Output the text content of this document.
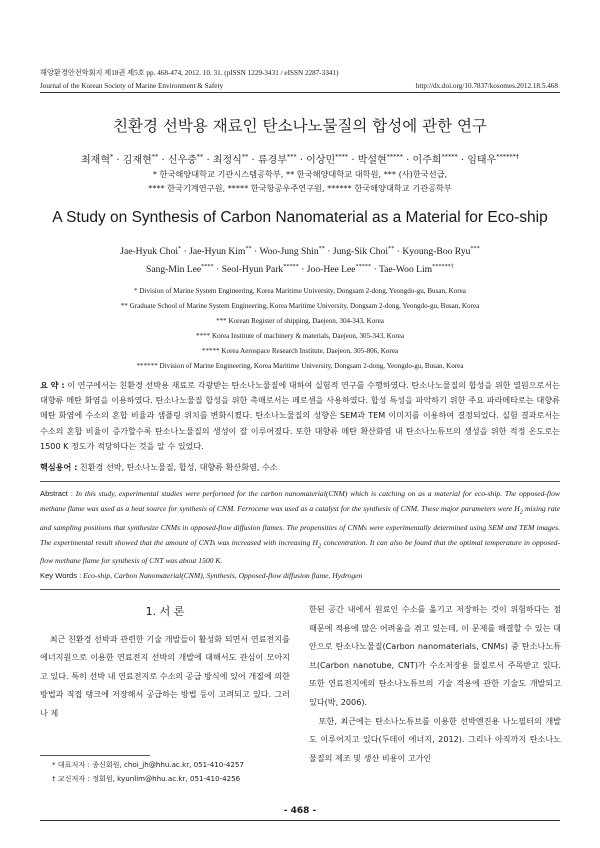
해양환경안전학회지 제18권 제5호 pp. 468-474, 2012. 10. 31. (pISSN 1229-3431 / eISSN 2287-3341)
Journal of the Korean Society of Marine Environment & Safety	http://dx.doi.org/10.7837/kosomes.2012.18.5.468
친환경 선박용 재료인 탄소나노물질의 합성에 관한 연구
최재혁* · 김재현** · 신우중** · 최정식** · 류경부*** · 이상민**** · 박설현***** · 이주희***** · 임태우******†
* 한국해양대학교 기관시스템공학부, ** 한국해양대학교 대학원, *** (사)한국선급,
**** 한국기계연구원, ***** 한국항공우주연구원, ****** 한국해양대학교 기관공학부
A Study on Synthesis of Carbon Nanomaterial as a Material for Eco-ship
Jae-Hyuk Choi* · Jae-Hyun Kim** · Woo-Jung Shin** · Jung-Sik Choi** · Kyoung-Boo Ryu***
Sang-Min Lee**** · Seol-Hyun Park***** · Joo-Hee Lee***** · Tae-Woo Lim******†
* Division of Marine System Engineering, Korea Maritime University, Dongsam 2-dong, Yeongdo-gu, Busan, Korea
** Graduate School of Marine System Engineering, Korea Maritime University, Dongsam 2-dong, Yeongdo-gu, Busan, Korea
*** Korean Register of shipping, Daejeon, 304-343, Korea
**** Korea Institute of machinery & materials, Daejeon, 305-343, Korea
***** Korea Aerospace Research Institute, Daejeon, 305-806, Korea
****** Division of Marine Engineering, Korea Maritime University, Dongsam 2-dong, Yeongdo-gu, Busan, Korea
요 약 : 이 연구에서는 친환경 선박용 재료로 각광받는 탄소나노물질에 대하여 실험적 연구를 수행하였다. 탄소나노물질의 합성을 위한 열원으로서는 대향류 메탄 화염을 이용하였다. 탄소나노물질 합성을 위한 촉매로서는 페로센을 사용하였다. 합성 특성을 파악하기 위한 주요 파라메타로는 대향류 메탄 화염에 수소의 혼합 비율과 샘플링 위치를 변화시켰다. 탄소나노물질의 성향은 SEM과 TEM 이미지를 이용하여 결정되었다. 실험 결과로서는 수소의 혼합 비율이 증가할수록 탄소나노물질의 생성이 잘 이루어졌다. 또한 대향류 메탄 확산화염 내 탄소나노튜브의 생성을 위한 적정 온도로는 1500 K 정도가 적당하다는 것을 알 수 있었다.
핵심용어 : 친환경 선박, 탄소나노물질, 합성, 대향류 확산화염, 수소
Abstract : In this study, experimental studies were performed for the carbon nanomaterial(CNM) which is catching on as a material for eco-ship. The opposed-flow methane flame was used as a heat source for synthesis of CNM. Ferrocene was used as a catalyst for the synthesis of CNM. These major parameters were $H_2$ mixing rate and sampling positions that synthesize CNMs in opposed-flow diffusion flames. The propensities of CNMs were experimentally determined using SEM and TEM images. The experimental result showed that the amount of CNTs was increased with increasing $H_2$ concentration. It can also be found that the optimal temperature in opposed-flow methane flame for synthesis of CNT was about 1500 K.
Key Words : Eco-ship, Carbon Nanomaterial(CNM), Synthesis, Opposed-flow diffusion flame, Hydrogen
1. 서 론

최근 친환경 선박과 관련한 기술 개발들이 활성화 되면서 연료전지를 에너지원으로 이용한 연료전지 선박의 개발에 대해서도 관심이 모아지고 있다. 특히 선박 내 연료전지로 수소의 공급 방식에 있어 개질에 의한 방법과 직접 탱크에 저장해서 공급하는 방법 등이 고려되고 있다. 그러나 제

한된 공간 내에서 원료인 수소를 옮기고 저장하는 것이 위험하다는 점 때문에 적용에 많은 어려움을 겪고 있는데, 이 문제를 해결할 수 있는 대안으로 탄소나노물질(Carbon nanomaterials, CNMs) 중 탄소나노튜브(Carbon nanotube, CNT)가 수소저장용 물질로서 주목받고 있다. 또한 연료전지에의 탄소나노튜브의 기술 적용에 관한 기술도 개발되고 있다(박, 2006).

또한, 최근에는 탄소나노튜브를 이용한 선박엔진용 나노필터의 개발도 이루어지고 있다(두데이 에너지, 2012). 그리나 아직까지 탄소나노물질의 제조 및 생산 비용이 고가인

* 대표저자 : 종신회원, choi_jh@hhu.ac.kr, 051-410-4257
† 교신저자 : 정회원, kyunlim@hhu.ac.kr, 051-410-4256
- 468 -
